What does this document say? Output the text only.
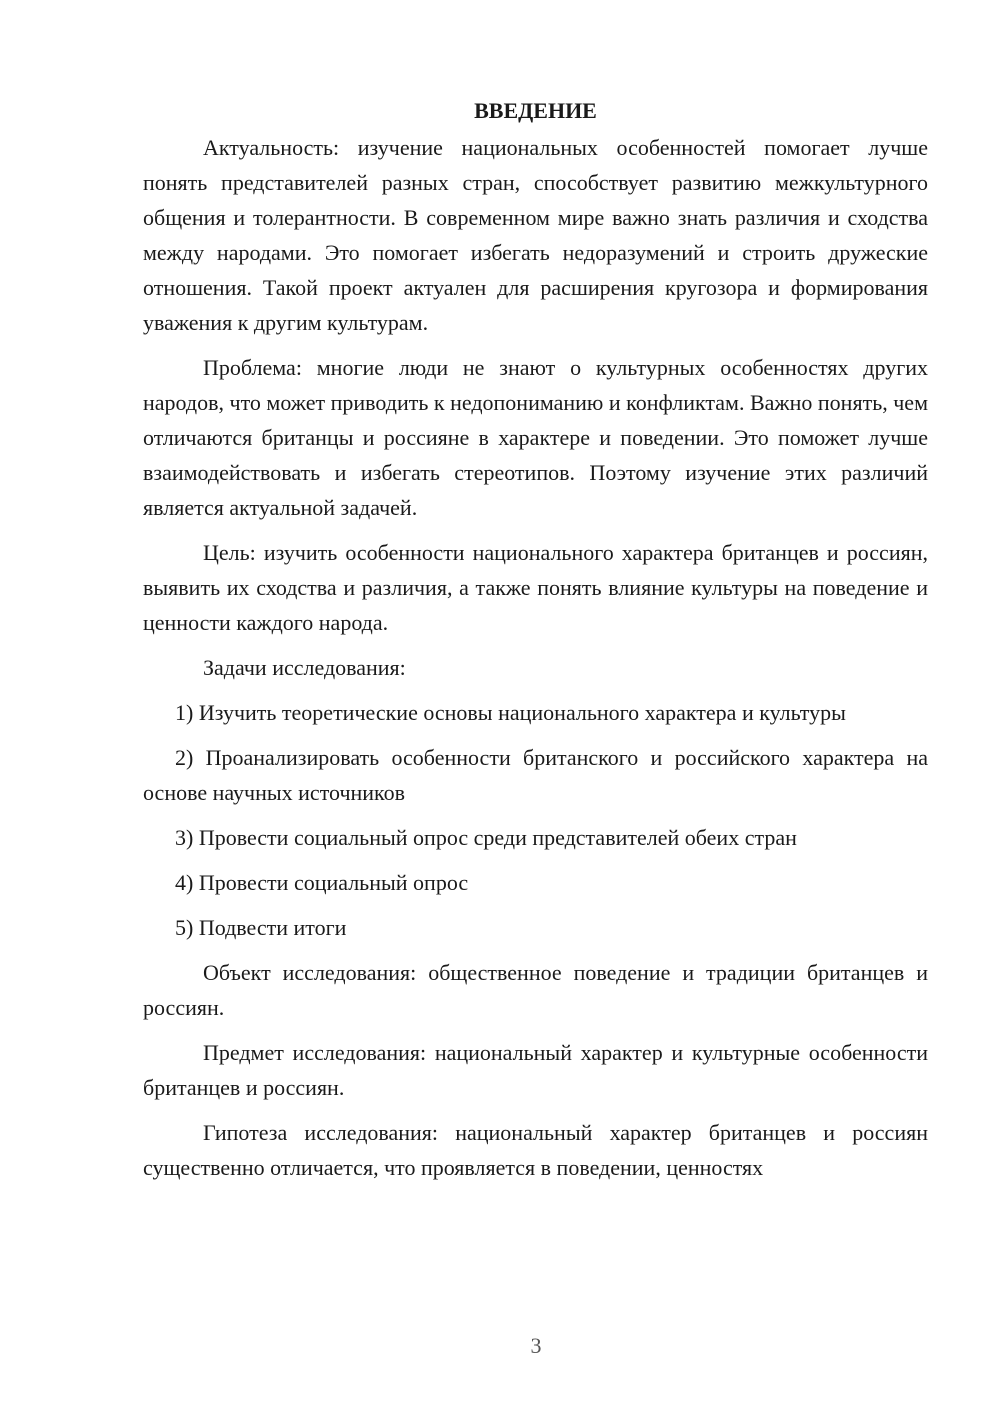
ВВЕДЕНИЕ

Актуальность: изучение национальных особенностей помогает лучше понять представителей разных стран, способствует развитию межкультурного общения и толерантности. В современном мире важно знать различия и сходства между народами. Это помогает избегать недоразумений и строить дружеские отношения. Такой проект актуален для расширения кругозора и формирования уважения к другим культурам.

Проблема: многие люди не знают о культурных особенностях других народов, что может приводить к недопониманию и конфликтам. Важно понять, чем отличаются британцы и россияне в характере и поведении. Это поможет лучше взаимодействовать и избегать стереотипов. Поэтому изучение этих различий является актуальной задачей.

Цель: изучить особенности национального характера британцев и россиян, выявить их сходства и различия, а также понять влияние культуры на поведение и ценности каждого народа.

Задачи исследования:

1) Изучить теоретические основы национального характера и культуры

2) Проанализировать особенности британского и российского характера на основе научных источников

3) Провести социальный опрос среди представителей обеих стран

4) Провести социальный опрос

5) Подвести итоги

Объект исследования: общественное поведение и традиции британцев и россиян.

Предмет исследования: национальный характер и культурные особенности британцев и россиян.

Гипотеза исследования: национальный характер британцев и россиян существенно отличается, что проявляется в поведении, ценностях

3
